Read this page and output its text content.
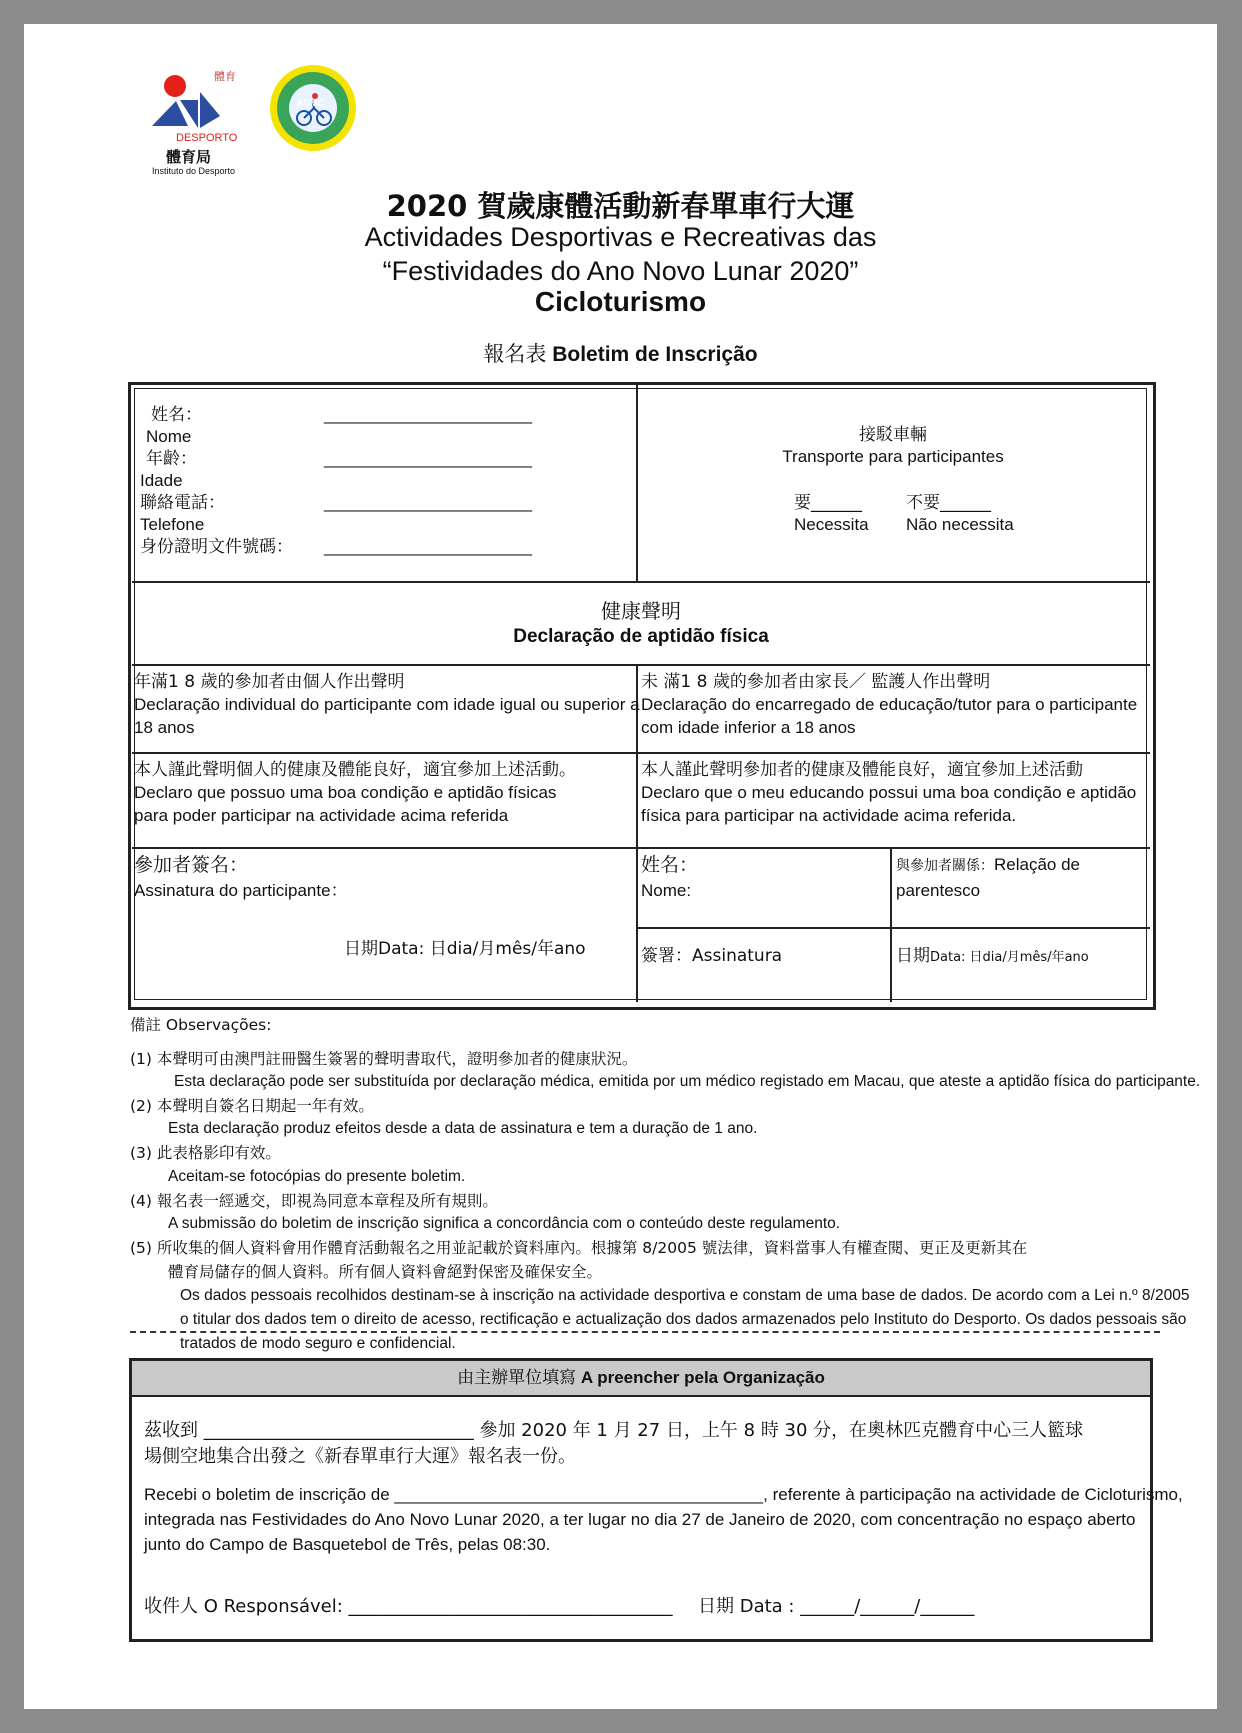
體育
DESPORTO
體育局
Instituto do Desporto
ACMC
2020 賀歲康體活動新春單車行大運
Actividades Desportivas e Recreativas das
“Festividades do Ano Novo Lunar 2020”
Cicloturismo
報名表 Boletim de Inscrição
姓名：
Nome
______________________
年齡：
Idade
______________________
聯絡電話：
Telefone
______________________
身份證明文件號碼： ______________________
接駁車輛
Transporte para participantes
要______
Necessita
不要______
Não necessita
健康聲明
Declaração de aptidão física
年滿1 8 歲的參加者由個人作出聲明
Declaração individual do participante com idade igual ou superior a
18 anos
未 滿1 8 歲的參加者由家長／ 監護人作出聲明
Declaração do encarregado de educação/tutor para o participante
com idade inferior a 18 anos
本人謹此聲明個人的健康及體能良好，適宜參加上述活動。
Declaro que possuo uma boa condição e aptidão físicas
para poder participar na actividade acima referida
本人謹此聲明參加者的健康及體能良好，適宜參加上述活動
Declaro que o meu educando possui uma boa condição e aptidão
física para participar na actividade acima referida.
參加者簽名：
Assinatura do participante：
日期Data: 日dia/月mês/年ano
姓名：
Nome:
與參加者關係：Relação de
parentesco
簽署：Assinatura	日期Data: 日dia/月mês/年ano
備註 Observações:
(1) 本聲明可由澳門註冊醫生簽署的聲明書取代，證明參加者的健康狀況。
Esta declaração pode ser substituída por declaração médica, emitida por um médico registado em Macau, que ateste a aptidão física do participante.
(2) 本聲明自簽名日期起一年有效。
Esta declaração produz efeitos desde a data de assinatura e tem a duração de 1 ano.
(3) 此表格影印有效。
Aceitam-se fotocópias do presente boletim.
(4) 報名表一經遞交，即視為同意本章程及所有規則。
A submissão do boletim de inscrição significa a concordância com o conteúdo deste regulamento.
(5) 所收集的個人資料會用作體育活動報名之用並記載於資料庫內。根據第 8/2005 號法律，資料當事人有權查閱、更正及更新其在
體育局儲存的個人資料。所有個人資料會絕對保密及確保安全。
Os dados pessoais recolhidos destinam-se à inscrição na actividade desportiva e constam de uma base de dados. De acordo com a Lei n.º 8/2005
o titular dos dados tem o direito de acesso, rectificação e actualização dos dados armazenados pelo Instituto do Desporto. Os dados pessoais são
tratados de modo seguro e confidencial.
由主辦單位填寫 A preencher pela Organização
茲收到 ______________________________ 參加 2020 年 1 月 27 日，上午 8 時 30 分，在奧林匹克體育中心三人籃球
場側空地集合出發之《新春單車行大運》報名表一份。
Recebi o boletim de inscrição de _______________________________________, referente à participação na actividade de Cicloturismo,
integrada nas Festividades do Ano Novo Lunar 2020, a ter lugar no dia 27 de Janeiro de 2020, com concentração no espaço aberto
junto do Campo de Basquetebol de Três, pelas 08:30.
收件人 O Responsável: ____________________________________ 日期 Data : ______/______/______
